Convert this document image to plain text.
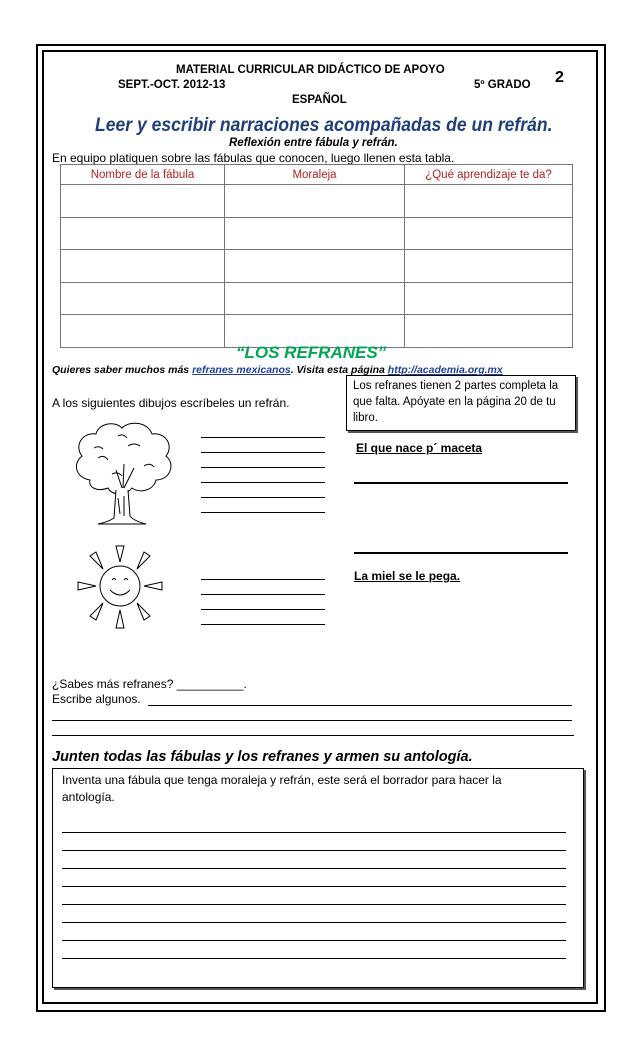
MATERIAL CURRICULAR DIDÁCTICO DE APOYO
SEPT.-OCT. 2012-13	5º GRADO
ESPAÑOL
2
Leer y escribir narraciones acompañadas de un refrán.
Reflexión entre fábula y refrán.
En equipo platiquen sobre las fábulas que conocen, luego llenen esta tabla.
Nombre de la fábula	Moraleja	¿Qué aprendizaje te da?

“LOS REFRANES”
Quieres saber muchos más refranes mexicanos. Visita esta página http://academia.org.mx
A los siguientes dibujos escríbeles un refrán.
Los refranes tienen 2 partes completa la que falta. Apóyate en la página 20 de tu libro.
El que nace p´ maceta
La miel se le pega.
¿Sabes más refranes? __________.
Escribe algunos.
Junten todas las fábulas y los refranes y armen su antología.
Inventa una fábula que tenga moraleja y refrán, este será el borrador para hacer la antología.
